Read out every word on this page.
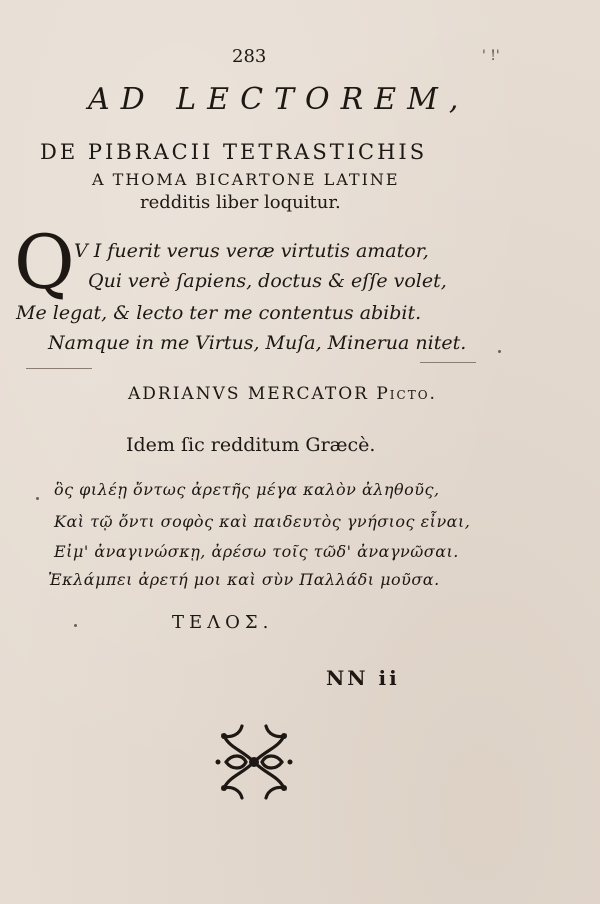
283	' !'
AD LECTOREM,
DE PIBRACII TETRASTICHIS
A THOMA BICARTONE LATINE
redditis liber loquitur.
Q V I fuerit verus veræ virtutis amator,
Qui verè ſapiens, doctus & eſſe volet,
Me legat, & lecto ter me contentus abibit.
Namque in me Virtus, Muſa, Minerua nitet.
ADRIANVS MERCATOR Picto.
Idem ſic redditum Græcè.
ὃς φιλέῃ ὄντως ἀρετῆς μέγα καλὸν ἀληθοῦς,
Καὶ τῷ ὄντι σοφὸς καὶ παιδευτὸς γνήσιος εἶναι,
Εἰμ' ἀναγινώσκῃ, ἀρέσω τοῖς τῶδ' ἀναγνῶσαι.
Ἐκλάμπει ἀρετή μοι καὶ σὺν Παλλάδι μοῦσα.
ΤΕΛΟΣ.
NN ii
